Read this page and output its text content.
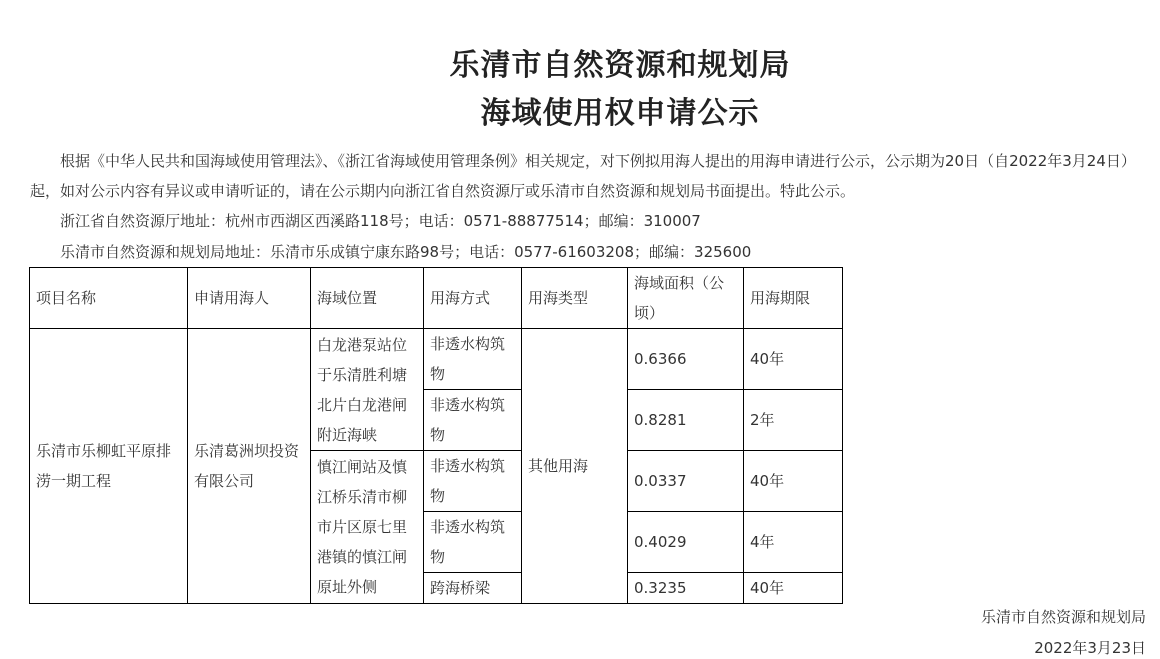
乐清市自然资源和规划局
海域使用权申请公示
根据《中华人民共和国海域使用管理法》、《浙江省海域使用管理条例》相关规定，对下例拟用海人提出的用海申请进行公示，公示期为20日（自2022年3月24日）起，如对公示内容有异议或申请听证的，请在公示期内向浙江省自然资源厅或乐清市自然资源和规划局书面提出。特此公示。
浙江省自然资源厅地址：杭州市西湖区西溪路118号；电话：0571-88877514；邮编：310007
乐清市自然资源和规划局地址：乐清市乐成镇宁康东路98号；电话：0577-61603208；邮编：325600
项目名称	申请用海人	海域位置	用海方式	用海类型	海域面积（公顷）	用海期限
乐清市乐柳虹平原排涝一期工程	乐清葛洲坝投资有限公司	白龙港泵站位于乐清胜利塘北片白龙港闸附近海峡	非透水构筑物	其他用海	0.6366	40年
			非透水构筑物		0.8281	2年
		慎江闸站及慎江桥乐清市柳市片区原七里港镇的慎江闸原址外侧	非透水构筑物		0.0337	40年
			非透水构筑物		0.4029	4年
			跨海桥梁		0.3235	40年
乐清市自然资源和规划局
2022年3月23日
